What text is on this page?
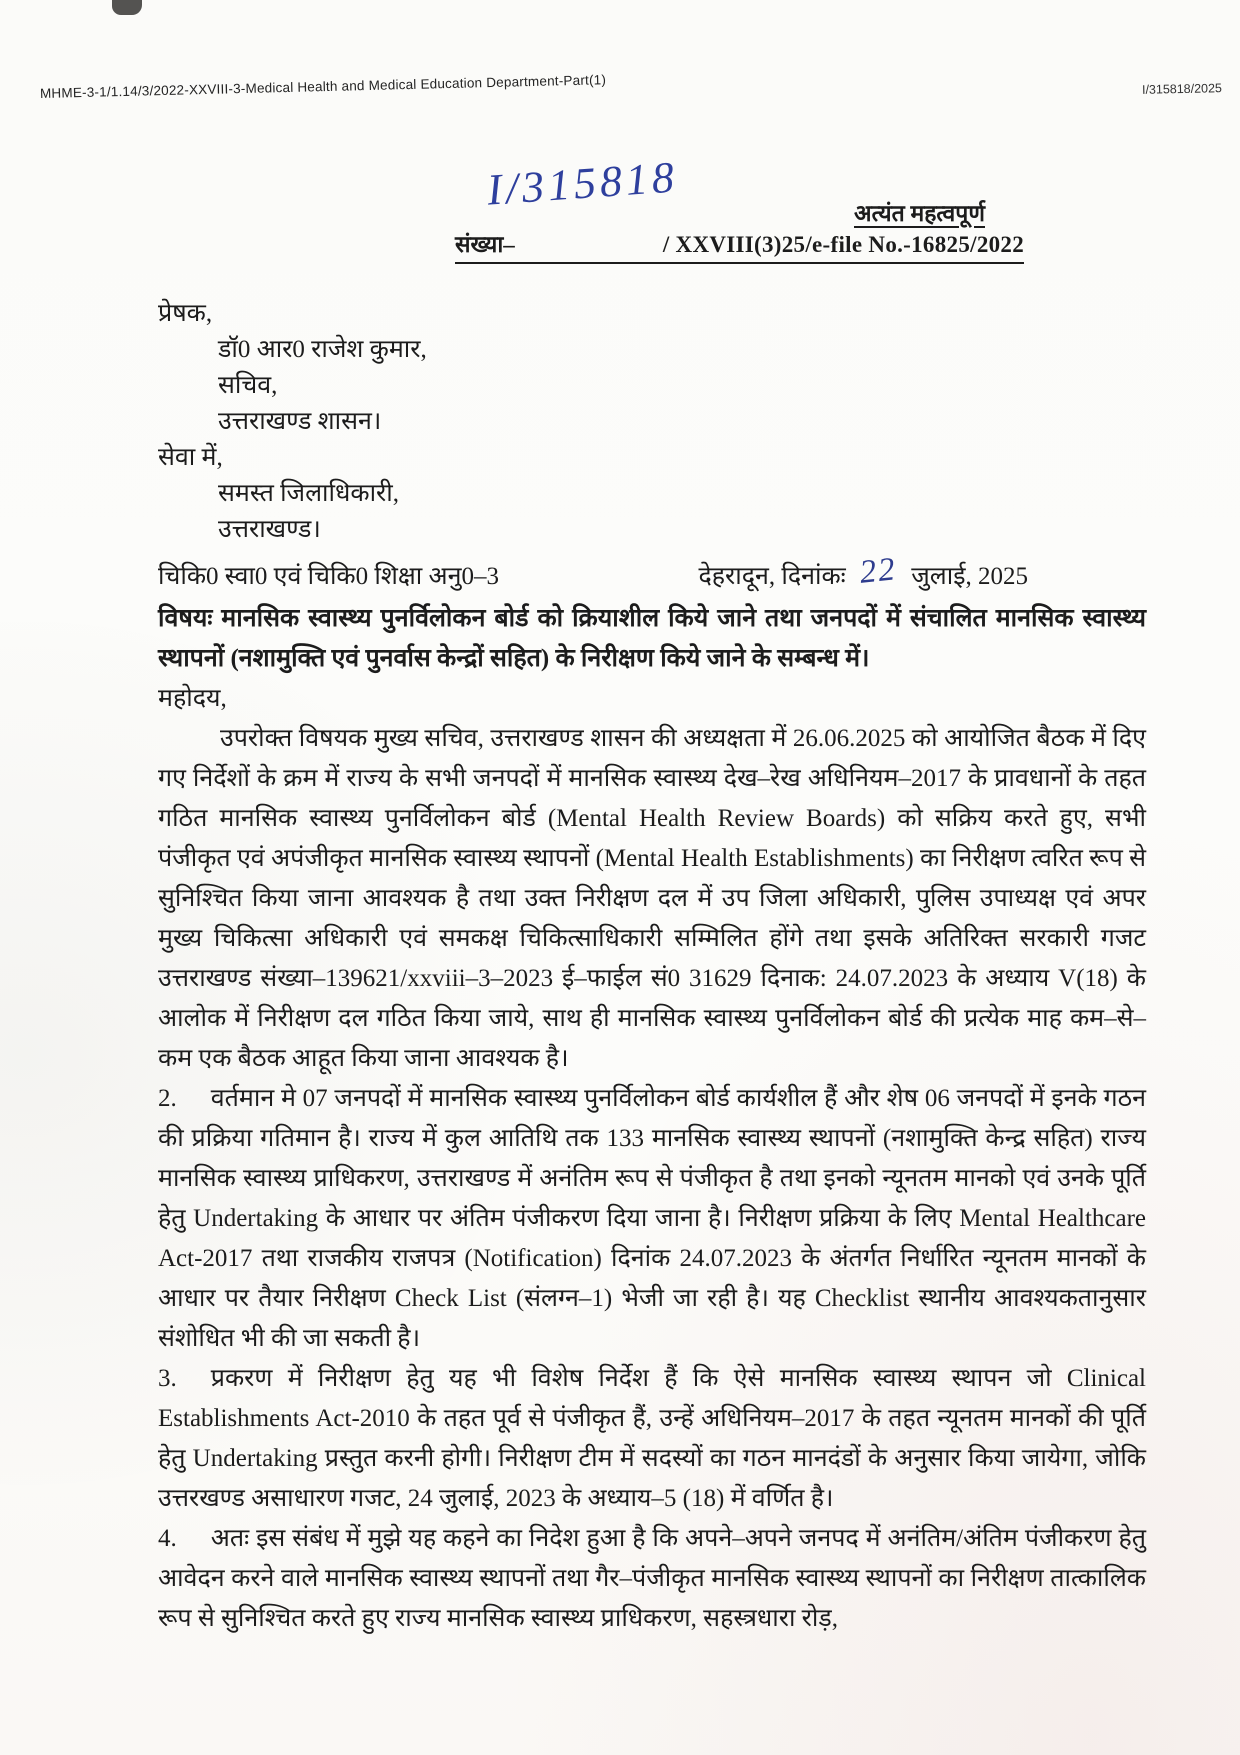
MHME-3-1/1.14/3/2022-XXVIII-3-Medical Health and Medical Education Department-Part(1)	I/315818/2025
I/315818	अत्यंत महत्वपूर्ण
संख्या–	/ XXVIII(3)25/e-file No.-16825/2022
प्रेषक,
डॉ0 आर0 राजेश कुमार,
सचिव,
उत्तराखण्ड शासन।
सेवा में,
समस्त जिलाधिकारी,
उत्तराखण्ड।
चिकि0 स्वा0 एवं चिकि0 शिक्षा अनु0–3	देहरादून, दिनांकः 22 जुलाई, 2025

विषयः मानसिक स्वास्थ्य पुनर्विलोकन बोर्ड को क्रियाशील किये जाने तथा जनपदों में संचालित मानसिक स्वास्थ्य स्थापनों (नशामुक्ति एवं पुनर्वास केन्द्रों सहित) के निरीक्षण किये जाने के सम्बन्ध में।

महोदय,

उपरोक्त विषयक मुख्य सचिव, उत्तराखण्ड शासन की अध्यक्षता में 26.06.2025 को आयोजित बैठक में दिए गए निर्देशों के क्रम में राज्य के सभी जनपदों में मानसिक स्वास्थ्य देख–रेख अधिनियम–2017 के प्रावधानों के तहत गठित मानसिक स्वास्थ्य पुनर्विलोकन बोर्ड (Mental Health Review Boards) को सक्रिय करते हुए, सभी पंजीकृत एवं अपंजीकृत मानसिक स्वास्थ्य स्थापनों (Mental Health Establishments) का निरीक्षण त्वरित रूप से सुनिश्चित किया जाना आवश्यक है तथा उक्त निरीक्षण दल में उप जिला अधिकारी, पुलिस उपाध्यक्ष एवं अपर मुख्य चिकित्सा अधिकारी एवं समकक्ष चिकित्साधिकारी सम्मिलित होंगे तथा इसके अतिरिक्त सरकारी गजट उत्तराखण्ड संख्या–139621/xxviii–3–2023 ई–फाईल सं0 31629 दिनाक: 24.07.2023 के अध्याय V(18) के आलोक में निरीक्षण दल गठित किया जाये, साथ ही मानसिक स्वास्थ्य पुनर्विलोकन बोर्ड की प्रत्येक माह कम–से–कम एक बैठक आहूत किया जाना आवश्यक है।

2. वर्तमान मे 07 जनपदों में मानसिक स्वास्थ्य पुनर्विलोकन बोर्ड कार्यशील हैं और शेष 06 जनपदों में इनके गठन की प्रक्रिया गतिमान है। राज्य में कुल आतिथि तक 133 मानसिक स्वास्थ्य स्थापनों (नशामुक्ति केन्द्र सहित) राज्य मानसिक स्वास्थ्य प्राधिकरण, उत्तराखण्ड में अनंतिम रूप से पंजीकृत है तथा इनको न्यूनतम मानको एवं उनके पूर्ति हेतु Undertaking के आधार पर अंतिम पंजीकरण दिया जाना है। निरीक्षण प्रक्रिया के लिए Mental Healthcare Act-2017 तथा राजकीय राजपत्र (Notification) दिनांक 24.07.2023 के अंतर्गत निर्धारित न्यूनतम मानकों के आधार पर तैयार निरीक्षण Check List (संलग्न–1) भेजी जा रही है। यह Checklist स्थानीय आवश्यकतानुसार संशोधित भी की जा सकती है।

3. प्रकरण में निरीक्षण हेतु यह भी विशेष निर्देश हैं कि ऐसे मानसिक स्वास्थ्य स्थापन जो Clinical Establishments Act-2010 के तहत पूर्व से पंजीकृत हैं, उन्हें अधिनियम–2017 के तहत न्यूनतम मानकों की पूर्ति हेतु Undertaking प्रस्तुत करनी होगी। निरीक्षण टीम में सदस्यों का गठन मानदंडों के अनुसार किया जायेगा, जोकि उत्तरखण्ड असाधारण गजट, 24 जुलाई, 2023 के अध्याय–5 (18) में वर्णित है।

4. अतः इस संबंध में मुझे यह कहने का निदेश हुआ है कि अपने–अपने जनपद में अनंतिम/अंतिम पंजीकरण हेतु आवेदन करने वाले मानसिक स्वास्थ्य स्थापनों तथा गैर–पंजीकृत मानसिक स्वास्थ्य स्थापनों का निरीक्षण तात्कालिक रूप से सुनिश्चित करते हुए राज्य मानसिक स्वास्थ्य प्राधिकरण, सहस्त्रधारा रोड़,
